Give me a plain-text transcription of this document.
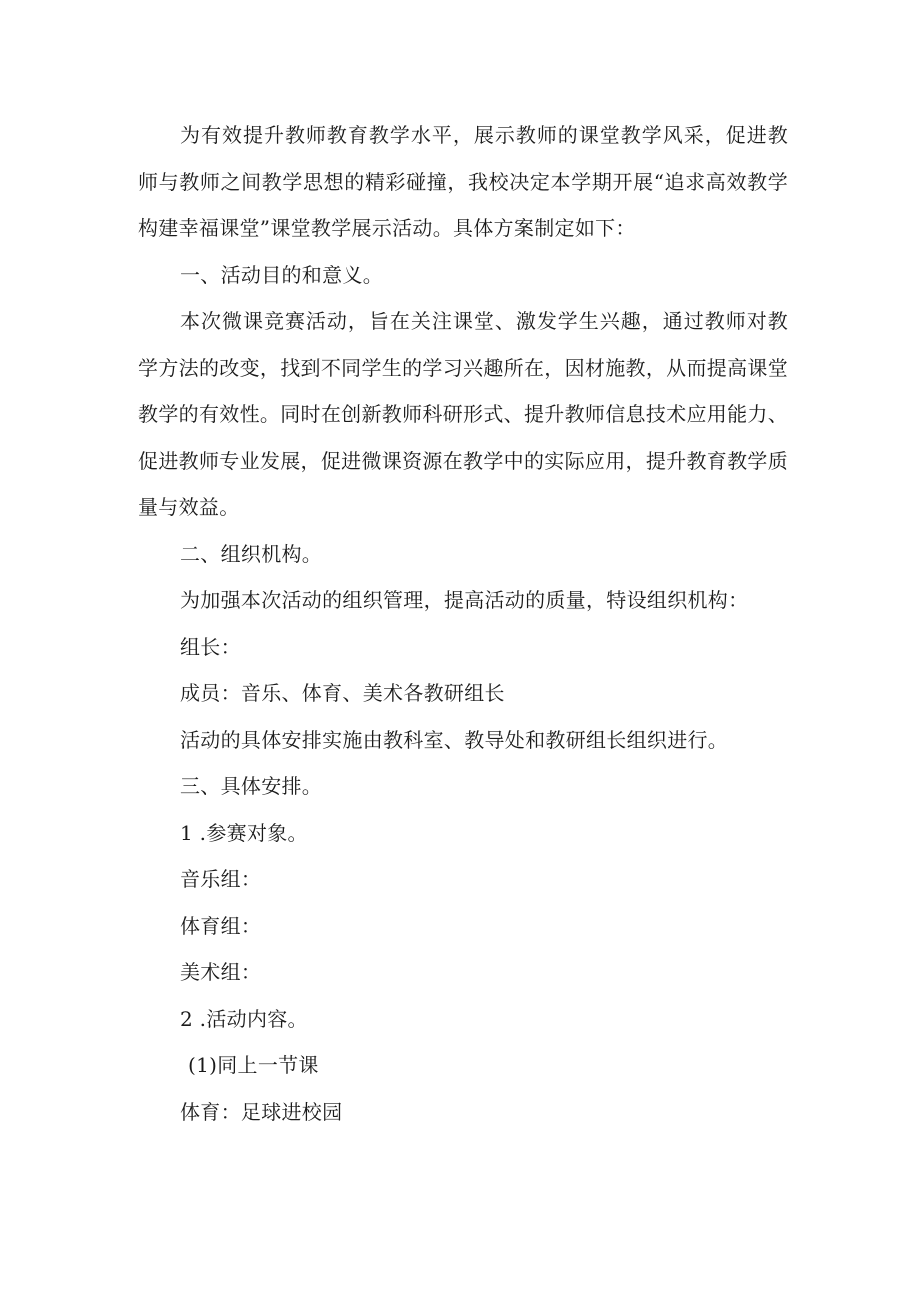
为有效提升教师教育教学水平，展示教师的课堂教学风采，促进教师与教师之间教学思想的精彩碰撞，我校决定本学期开展“追求高效教学构建幸福课堂”课堂教学展示活动。具体方案制定如下：

一、活动目的和意义。

本次微课竞赛活动，旨在关注课堂、激发学生兴趣，通过教师对教学方法的改变，找到不同学生的学习兴趣所在，因材施教，从而提高课堂教学的有效性。同时在创新教师科研形式、提升教师信息技术应用能力、促进教师专业发展，促进微课资源在教学中的实际应用，提升教育教学质量与效益。

二、组织机构。

为加强本次活动的组织管理，提高活动的质量，特设组织机构：

组长：

成员：音乐、体育、美术各教研组长

活动的具体安排实施由教科室、教导处和教研组长组织进行。

三、具体安排。

1 .参赛对象。

音乐组：

体育组：

美术组：

2 .活动内容。

(1)同上一节课

体育：足球进校园
